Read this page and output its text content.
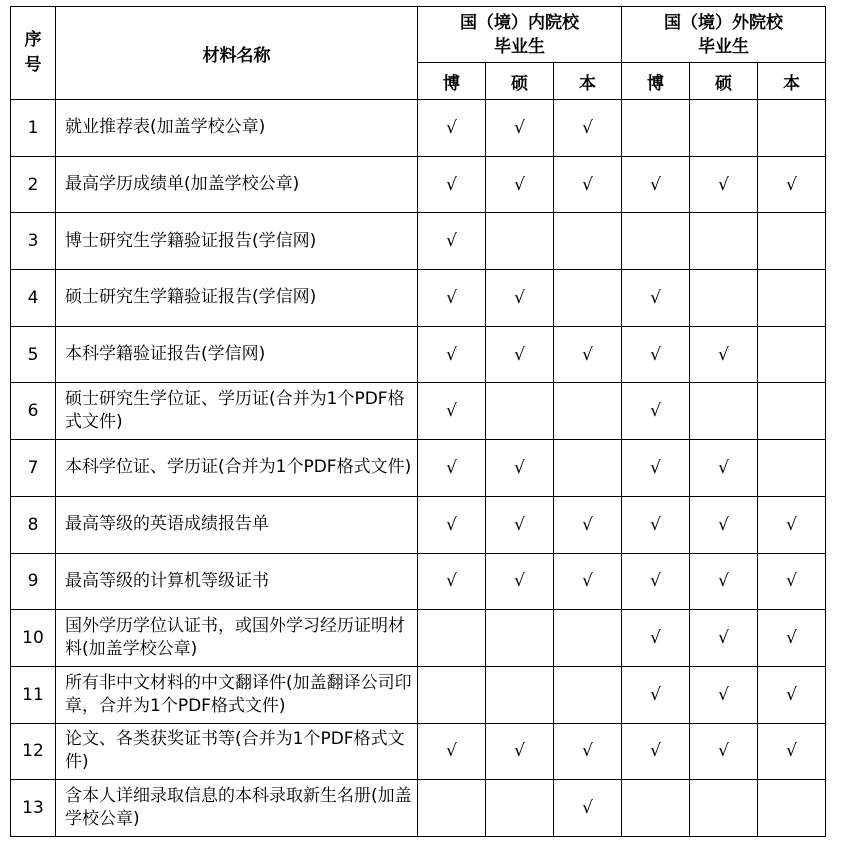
序号	材料名称	国（境）内院校毕业生			国（境）外院校毕业生		
		博	硕	本	博	硕	本
1	就业推荐表(加盖学校公章)	√	√	√			
2	最高学历成绩单(加盖学校公章)	√	√	√	√	√	√
3	博士研究生学籍验证报告(学信网)	√					
4	硕士研究生学籍验证报告(学信网)	√	√		√		
5	本科学籍验证报告(学信网)	√	√	√	√	√	
6	硕士研究生学位证、学历证(合并为1个PDF格式文件)	√			√		
7	本科学位证、学历证(合并为1个PDF格式文件)	√	√		√	√	
8	最高等级的英语成绩报告单	√	√	√	√	√	√
9	最高等级的计算机等级证书	√	√	√	√	√	√
10	国外学历学位认证书，或国外学习经历证明材料(加盖学校公章)				√	√	√
11	所有非中文材料的中文翻译件(加盖翻译公司印章，合并为1个PDF格式文件)				√	√	√
12	论文、各类获奖证书等(合并为1个PDF格式文件)	√	√	√	√	√	√
13	含本人详细录取信息的本科录取新生名册(加盖学校公章)			√			
